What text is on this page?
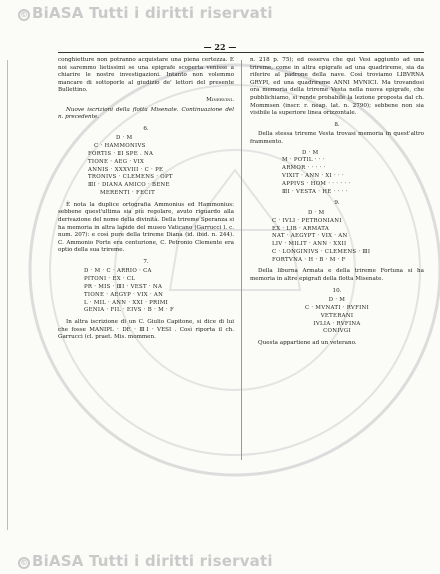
© BiASA Tutti i diritti riservati
— 22 —

conghietture non potranno acquistare una piena certezza. E noi saremmo lietissimi se una epigrafe scoperta venisse a chiarire le nostre investigazioni. Intanto non volemmo mancare di sottoporle al giudizio de' lettori del presente Bullettino.

Minervini.

Nuove iscrizioni della flotta Misenate. Continuazione del n. precedente.

6.

D · M

C · HAMMONIVS

FORTIS · ⅡI SPE . NA

TIONE · AEG · VIX

ANNIS · XXXVIII · C · PE

TRONIVS · CLEMENS · OPT

ⅢI · DIANA AMICO · BENE

MERENTI · FECIT

È nota la duplice ortografia Ammonius ed Hammonius: sebbene quest'ultima sia più regolare, avuto riguardo alla derivazione del nome della divinità. Della trireme Speranza si ha memoria in altra lapide del museo Vaticano (Garrucci l. c. num. 207): e così pure della trireme Diana (id. ibid. n. 244). C. Ammonio Forte era centurione, C. Petronio Clemente era optio della sua trireme.

7.

D · M · C · ARRIO · CA

PITONI · EX · CL

PR · MIS · ⅢI · VEST · NA

TIONE · AEGYP · VIX · AN

L · MIL · ANN · XXI · PRIMI

GENIA · FIL · EIVS · B · M · F

In altra iscrizione di un C. Giulio Capitone, si dice di lui che fosse MANIPL · DE · ⅢI · VESI . Così riporta il ch. Garrucci (cl. praet. Mis. mommen.

n. 218 p. 75); ed osserva che qui Vesi aggiunto ad una trireme, come in altra epigrafe ad una quadrireme, sia da riferire al padrone della nave. Così troviamo LIBVRNA GRYPI, ed una quadrireme ANNI MVNICI. Ma trovandosi ora memoria della trireme Vesta nella nuova epigrafe, che pubblichiamo, si rende probabile la lezione proposta dal ch. Mommsen (inscr. r. neap. lat. n. 2790); sebbene non sia visibile la superiore linea orizzontale.

8.

Della stessa trireme Vesta trovasi memoria in quest'altro frammento.

D · M

M · POTIL · · ·

ARMOR · · · · ·

VIXIT · ANN · XI · · ·

APPIVS · HOM · · · · · ·

ⅢI · VESTA · HE · · · ·

9.

D · M

C · IVLI · PETRONIANI

EX · LIB · ARMATA

NAT · AEGYPT · VIX · AN

LIV · MILIT · ANN · XXII

C · LONGINIVS · CLEMENS · ⅢI

FORTVNA · H · B · M · F

Della liburna Armata e della trireme Fortuna si ha memoria in altre epigrafi della flotta Misenate.

10.

D · M

C · MVNATI · RVFINI

VETERANI

IVLIA · RVFINA

CONIVGI

Questa appartiene ad un veterano.

© BiASA Tutti i diritti riservati
